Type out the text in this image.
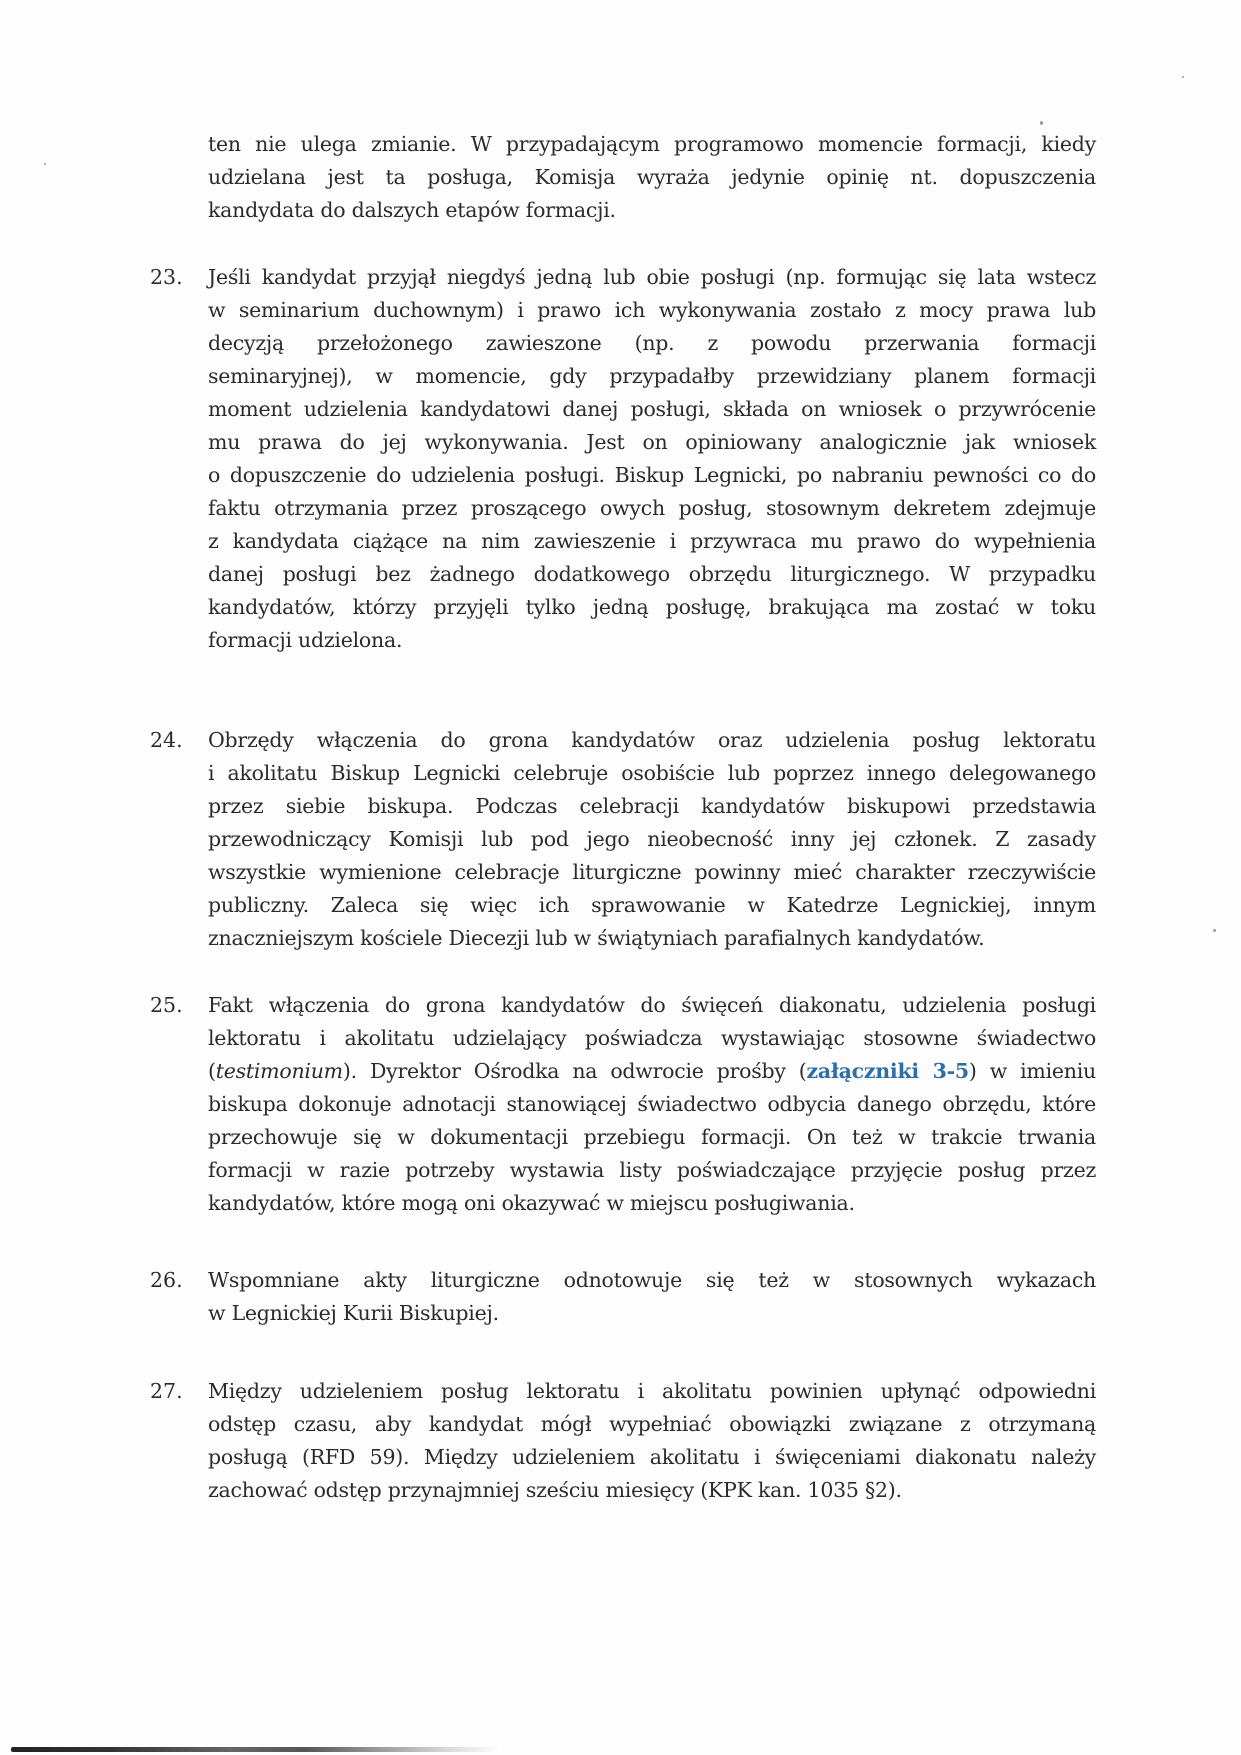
ten nie ulega zmianie. W przypadającym programowo momencie formacji, kiedy
udzielana jest ta posługa, Komisja wyraża jedynie opinię nt. dopuszczenia
kandydata do dalszych etapów formacji.
23. Jeśli kandydat przyjął niegdyś jedną lub obie posługi (np. formując się lata wstecz
w seminarium duchownym) i prawo ich wykonywania zostało z mocy prawa lub
decyzją przełożonego zawieszone (np. z powodu przerwania formacji
seminaryjnej), w momencie, gdy przypadałby przewidziany planem formacji
moment udzielenia kandydatowi danej posługi, składa on wniosek o przywrócenie
mu prawa do jej wykonywania. Jest on opiniowany analogicznie jak wniosek
o dopuszczenie do udzielenia posługi. Biskup Legnicki, po nabraniu pewności co do
faktu otrzymania przez proszącego owych posług, stosownym dekretem zdejmuje
z kandydata ciążące na nim zawieszenie i przywraca mu prawo do wypełnienia
danej posługi bez żadnego dodatkowego obrzędu liturgicznego. W przypadku
kandydatów, którzy przyjęli tylko jedną posługę, brakująca ma zostać w toku
formacji udzielona.
24. Obrzędy włączenia do grona kandydatów oraz udzielenia posług lektoratu
i akolitatu Biskup Legnicki celebruje osobiście lub poprzez innego delegowanego
przez siebie biskupa. Podczas celebracji kandydatów biskupowi przedstawia
przewodniczący Komisji lub pod jego nieobecność inny jej członek. Z zasady
wszystkie wymienione celebracje liturgiczne powinny mieć charakter rzeczywiście
publiczny. Zaleca się więc ich sprawowanie w Katedrze Legnickiej, innym
znaczniejszym kościele Diecezji lub w świątyniach parafialnych kandydatów.
25. Fakt włączenia do grona kandydatów do święceń diakonatu, udzielenia posługi
lektoratu i akolitatu udzielający poświadcza wystawiając stosowne świadectwo
(testimonium). Dyrektor Ośrodka na odwrocie prośby (załączniki 3-5) w imieniu
biskupa dokonuje adnotacji stanowiącej świadectwo odbycia danego obrzędu, które
przechowuje się w dokumentacji przebiegu formacji. On też w trakcie trwania
formacji w razie potrzeby wystawia listy poświadczające przyjęcie posług przez
kandydatów, które mogą oni okazywać w miejscu posługiwania.
26. Wspomniane akty liturgiczne odnotowuje się też w stosownych wykazach
w Legnickiej Kurii Biskupiej.
27. Między udzieleniem posług lektoratu i akolitatu powinien upłynąć odpowiedni
odstęp czasu, aby kandydat mógł wypełniać obowiązki związane z otrzymaną
posługą (RFD 59). Między udzieleniem akolitatu i święceniami diakonatu należy
zachować odstęp przynajmniej sześciu miesięcy (KPK kan. 1035 §2).
